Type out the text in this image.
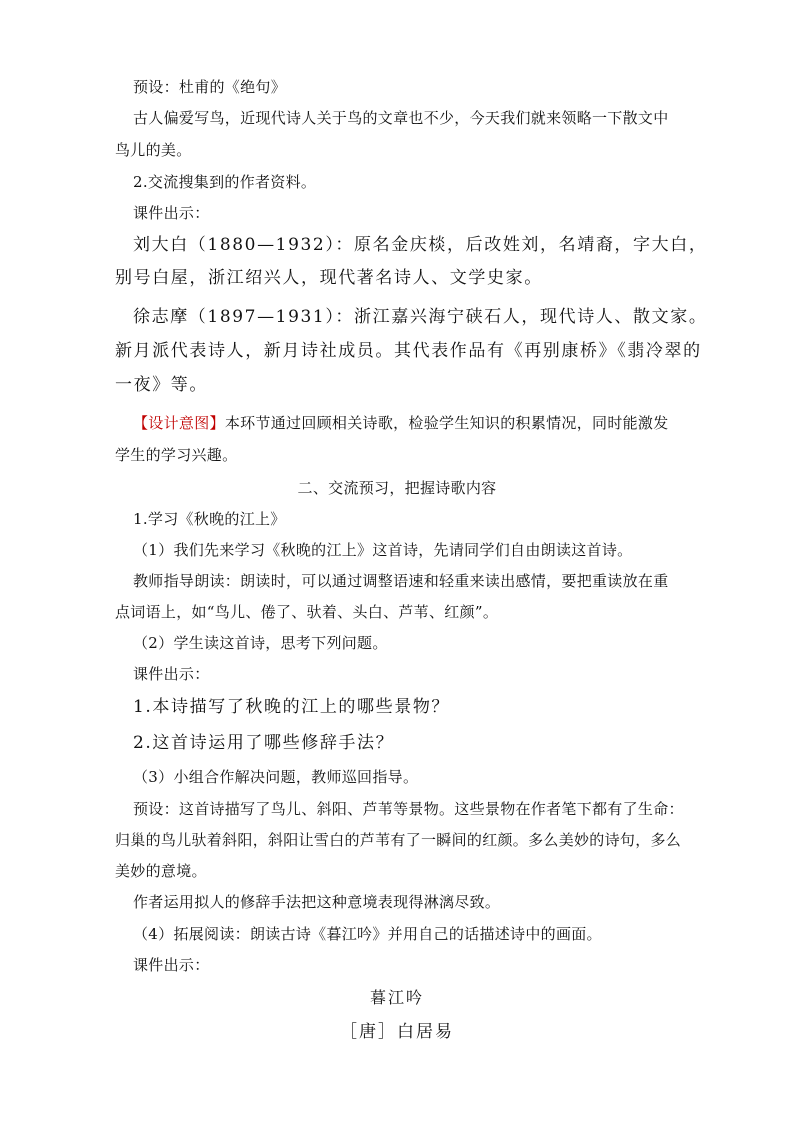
预设：杜甫的《绝句》
古人偏爱写鸟，近现代诗人关于鸟的文章也不少，今天我们就来领略一下散文中
鸟儿的美。
2.交流搜集到的作者资料。
课件出示：
刘大白（1880—1932）：原名金庆棪，后改姓刘，名靖裔，字大白，
别号白屋，浙江绍兴人，现代著名诗人、文学史家。
徐志摩（1897—1931）：浙江嘉兴海宁硖石人，现代诗人、散文家。
新月派代表诗人，新月诗社成员。其代表作品有《再别康桥》《翡冷翠的
一夜》等。
【设计意图】本环节通过回顾相关诗歌，检验学生知识的积累情况，同时能激发
学生的学习兴趣。
二、交流预习，把握诗歌内容
1.学习《秋晚的江上》
（1）我们先来学习《秋晚的江上》这首诗，先请同学们自由朗读这首诗。
教师指导朗读：朗读时，可以通过调整语速和轻重来读出感情，要把重读放在重
点词语上，如“鸟儿、倦了、驮着、头白、芦苇、红颜”。
（2）学生读这首诗，思考下列问题。
课件出示：
1.本诗描写了秋晚的江上的哪些景物？
2.这首诗运用了哪些修辞手法？
（3）小组合作解决问题，教师巡回指导。
预设：这首诗描写了鸟儿、斜阳、芦苇等景物。这些景物在作者笔下都有了生命：
归巢的鸟儿驮着斜阳，斜阳让雪白的芦苇有了一瞬间的红颜。多么美妙的诗句，多么
美妙的意境。
作者运用拟人的修辞手法把这种意境表现得淋漓尽致。
（4）拓展阅读：朗读古诗《暮江吟》并用自己的话描述诗中的画面。
课件出示：
暮江吟
［唐］白居易
